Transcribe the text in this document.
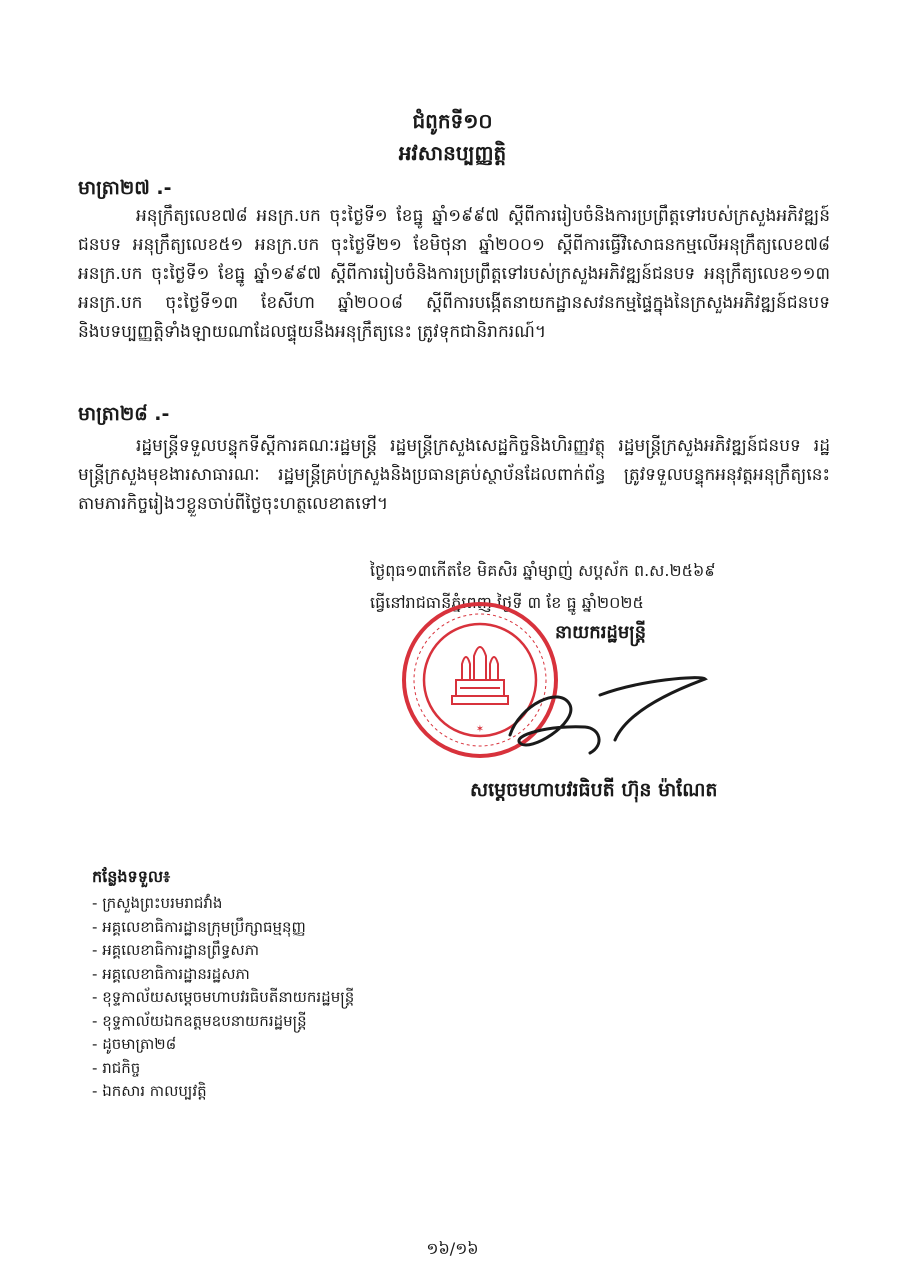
ជំពូកទី១០
អវសានប្បញ្ញត្តិ
មាត្រា២៧ .-

អនុក្រឹត្យលេខ៧៨ អនក្រ.បក ចុះថ្ងៃទី១ ខែធ្នូ ឆ្នាំ១៩៩៧ ស្ដីពីការរៀបចំនិងការប្រព្រឹត្តទៅរបស់ក្រសួងអភិវឌ្ឍន៍ជនបទ អនុក្រឹត្យលេខ៥១ អនក្រ.បក ចុះថ្ងៃទី២១ ខែមិថុនា ឆ្នាំ២០០១ ស្ដីពីការធ្វើវិសោធនកម្មលើអនុក្រឹត្យលេខ៧៨ អនក្រ.បក ចុះថ្ងៃទី១ ខែធ្នូ ឆ្នាំ១៩៩៧ ស្ដីពីការរៀបចំនិងការប្រព្រឹត្តទៅរបស់ក្រសួងអភិវឌ្ឍន៍ជនបទ អនុក្រឹត្យលេខ១១៣ អនក្រ.បក ចុះថ្ងៃទី១៣ ខែសីហា ឆ្នាំ២០០៨ ស្ដីពីការបង្កើតនាយកដ្ឋានសវនកម្មផ្ទៃក្នុងនៃក្រសួងអភិវឌ្ឍន៍ជនបទ និងបទប្បញ្ញត្តិទាំងឡាយណាដែលផ្ទុយនឹងអនុក្រឹត្យនេះ ត្រូវទុកជានិរាករណ៍។

មាត្រា២៨ .-

រដ្ឋមន្ត្រីទទួលបន្ទុកទីស្ដីការគណៈរដ្ឋមន្ត្រី រដ្ឋមន្ត្រីក្រសួងសេដ្ឋកិច្ចនិងហិរញ្ញវត្ថុ រដ្ឋមន្ត្រីក្រសួងអភិវឌ្ឍន៍ជនបទ រដ្ឋមន្ត្រីក្រសួងមុខងារសាធារណៈ រដ្ឋមន្ត្រីគ្រប់ក្រសួងនិងប្រធានគ្រប់ស្ថាប័នដែលពាក់ព័ន្ធ ត្រូវទទួលបន្ទុកអនុវត្តអនុក្រឹត្យនេះ តាមភារកិច្ចរៀងៗខ្លួនចាប់ពីថ្ងៃចុះហត្ថលេខាតទៅ។

ថ្ងៃពុធ១៣កើតខែ មិគសិរ ឆ្នាំម្សាញ់ សប្តស័ក ព.ស.២៥៦៩
ធ្វើនៅរាជធានីភ្នំពេញ ថ្ងៃទី ៣ ខែ ធ្នូ ឆ្នាំ២០២៥
✶
នាយករដ្ឋមន្ត្រី
សម្តេចមហាបវរធិបតី ហ៊ុន ម៉ាណែត
កន្លែងទទួល៖
- ក្រសួងព្រះបរមរាជវាំង
- អគ្គលេខាធិការដ្ឋានក្រុមប្រឹក្សាធម្មនុញ្ញ
- អគ្គលេខាធិការដ្ឋានព្រឹទ្ធសភា
- អគ្គលេខាធិការដ្ឋានរដ្ឋសភា
- ខុទ្ទកាល័យសម្តេចមហាបវរធិបតីនាយករដ្ឋមន្ត្រី
- ខុទ្ទកាល័យឯកឧត្តមឧបនាយករដ្ឋមន្ត្រី
- ដូចមាត្រា២៨
- រាជកិច្ច
- ឯកសារ កាលប្បវត្តិ
១៦/១៦
